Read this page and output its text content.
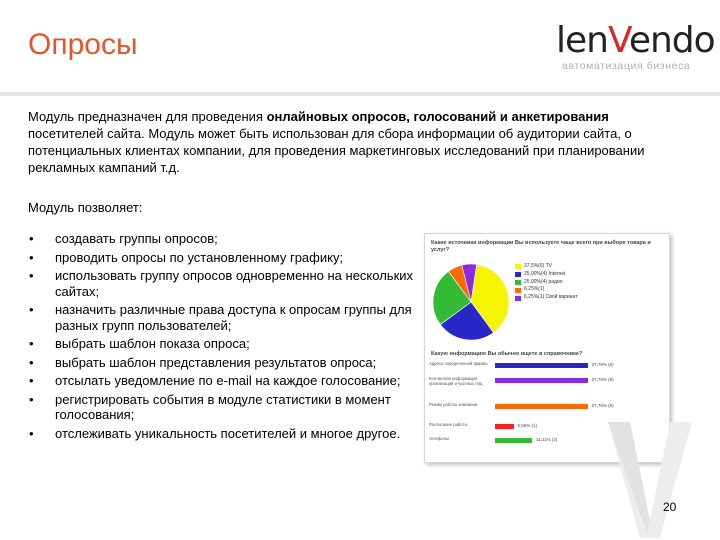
Опросы	lenVendo
автоматизация бизнеса
Модуль предназначен для проведения онлайновых опросов, голосований и анкетирования посетителей сайта. Модуль может быть использован для сбора информации об аудитории сайта, о потенциальных клиентах компании, для проведения маркетинговых исследований при планировании рекламных кампаний т.д.
Модуль позволяет:
• создавать группы опросов;
• проводить опросы по установленному графику;
• использовать группу опросов одновременно на нескольких сайтах;
• назначить различные права доступа к опросам группы для разных групп пользователей;
• выбрать шаблон показа опроса;
• выбрать шаблон представления результатов опроса;
• отсылать уведомление по e-mail на каждое голосование;
• регистрировать события в модуле статистики в момент голосования;
• отслеживать уникальность посетителей и многое другое.
Какие источники информации Вы используете чаще всего при выборе товара и услуг?
37,5%(6) TV
25,00%(4) Internet
25,00%(4) радио
6,25%(1)
6,25%(1) Свой вариант
Какую информацию Вы обычно ищете в справочнике?
Адреса определенной фирмы	27,78% (5)
Контактная информация организаций и частных лиц
27,78% (5)
Режим работы компании	27,78% (5)
Расписание работы	5,56% (1)
телефоны	11,11% (2)
20
